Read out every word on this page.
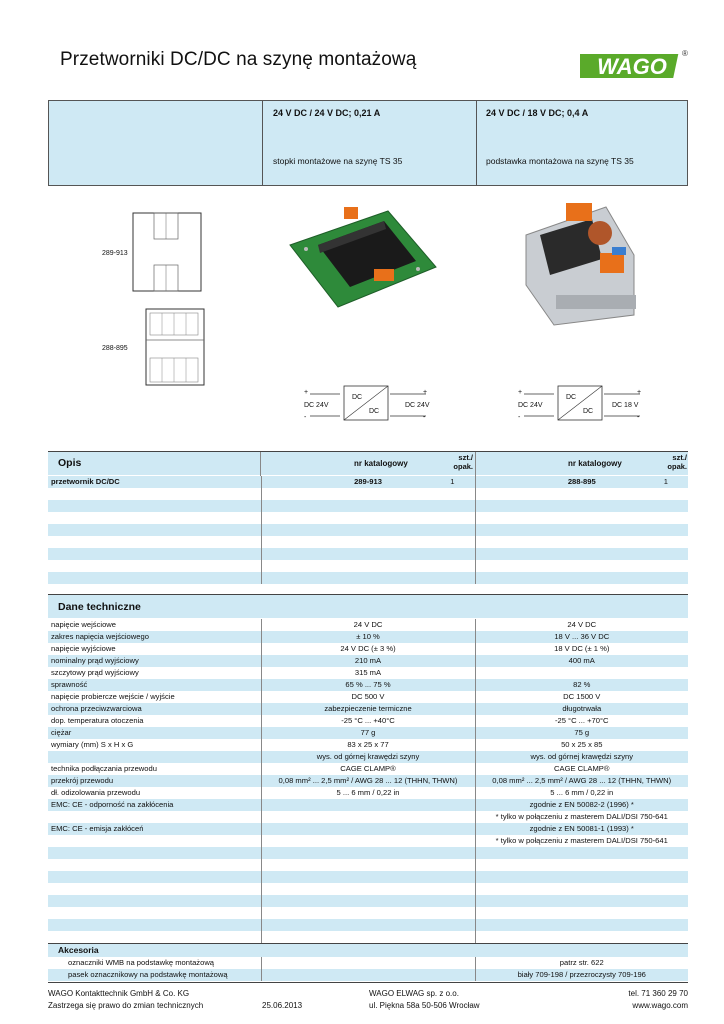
Przetworniki DC/DC na szynę montażową	WAGO
®
24 V DC / 24 V DC; 0,21 A
stopki montażowe na szynę TS 35
24 V DC / 18 V DC; 0,4 A
podstawka montażowa na szynę TS 35
289-913
288-895
+
-
+
-
DC
DC
DC 24V	DC 24V
+
-
+
-
DC
DC
DC 24V	DC 18 V
Opis	nr katalogowy
szt./ opak.	nr katalogowy
szt./ opak.
przetwornik DC/DC	289-913 1	288-895 1

Dane techniczne
napięcie wejściowe	24 V DC	24 V DC
zakres napięcia wejściowego	± 10 %	18 V ... 36 V DC
napięcie wyjściowe	24 V DC (± 3 %)	18 V DC (± 1 %)
nominalny prąd wyjściowy	210 mA	400 mA
szczytowy prąd wyjściowy	315 mA	
sprawność	65 % ... 75 %	82 %
napięcie probiercze wejście / wyjście	DC 500 V	DC 1500 V
ochrona przeciwzwarciowa	zabezpieczenie termiczne	długotrwała
dop. temperatura otoczenia	-25 °C ... +40°C	-25 °C ... +70°C
ciężar	77 g	75 g
wymiary (mm) S x H x G	83 x 25 x 77	50 x 25 x 85
	wys. od górnej krawędzi szyny	wys. od górnej krawędzi szyny
technika podłączania przewodu	CAGE CLAMP®	CAGE CLAMP®
przekrój przewodu	0,08 mm² ... 2,5 mm² / AWG 28 ... 12 (THHN, THWN)	0,08 mm² ... 2,5 mm² / AWG 28 ... 12 (THHN, THWN)
dł. odizolowania przewodu	5 ... 6 mm / 0,22 in	5 ... 6 mm / 0,22 in
EMC: CE - odporność na zakłócenia		zgodnie z EN 50082-2 (1996) *
		* tylko w połączeniu z masterem DALI/DSI 750-641
EMC: CE - emisja zakłóceń		zgodnie z EN 50081-1 (1993) *
		* tylko w połączeniu z masterem DALI/DSI 750-641

Akcesoria
oznaczniki WMB na podstawkę montażową		patrz str. 622
pasek oznacznikowy na podstawkę montażową		biały 709-198 / przezroczysty 709-196
WAGO Kontakttechnik GmbH & Co. KG
Zastrzega się prawo do zmian technicznych	25.06.2013
WAGO ELWAG sp. z o.o.
ul. Piękna 58a 50-506 Wrocław
tel. 71 360 29 70
www.wago.com
